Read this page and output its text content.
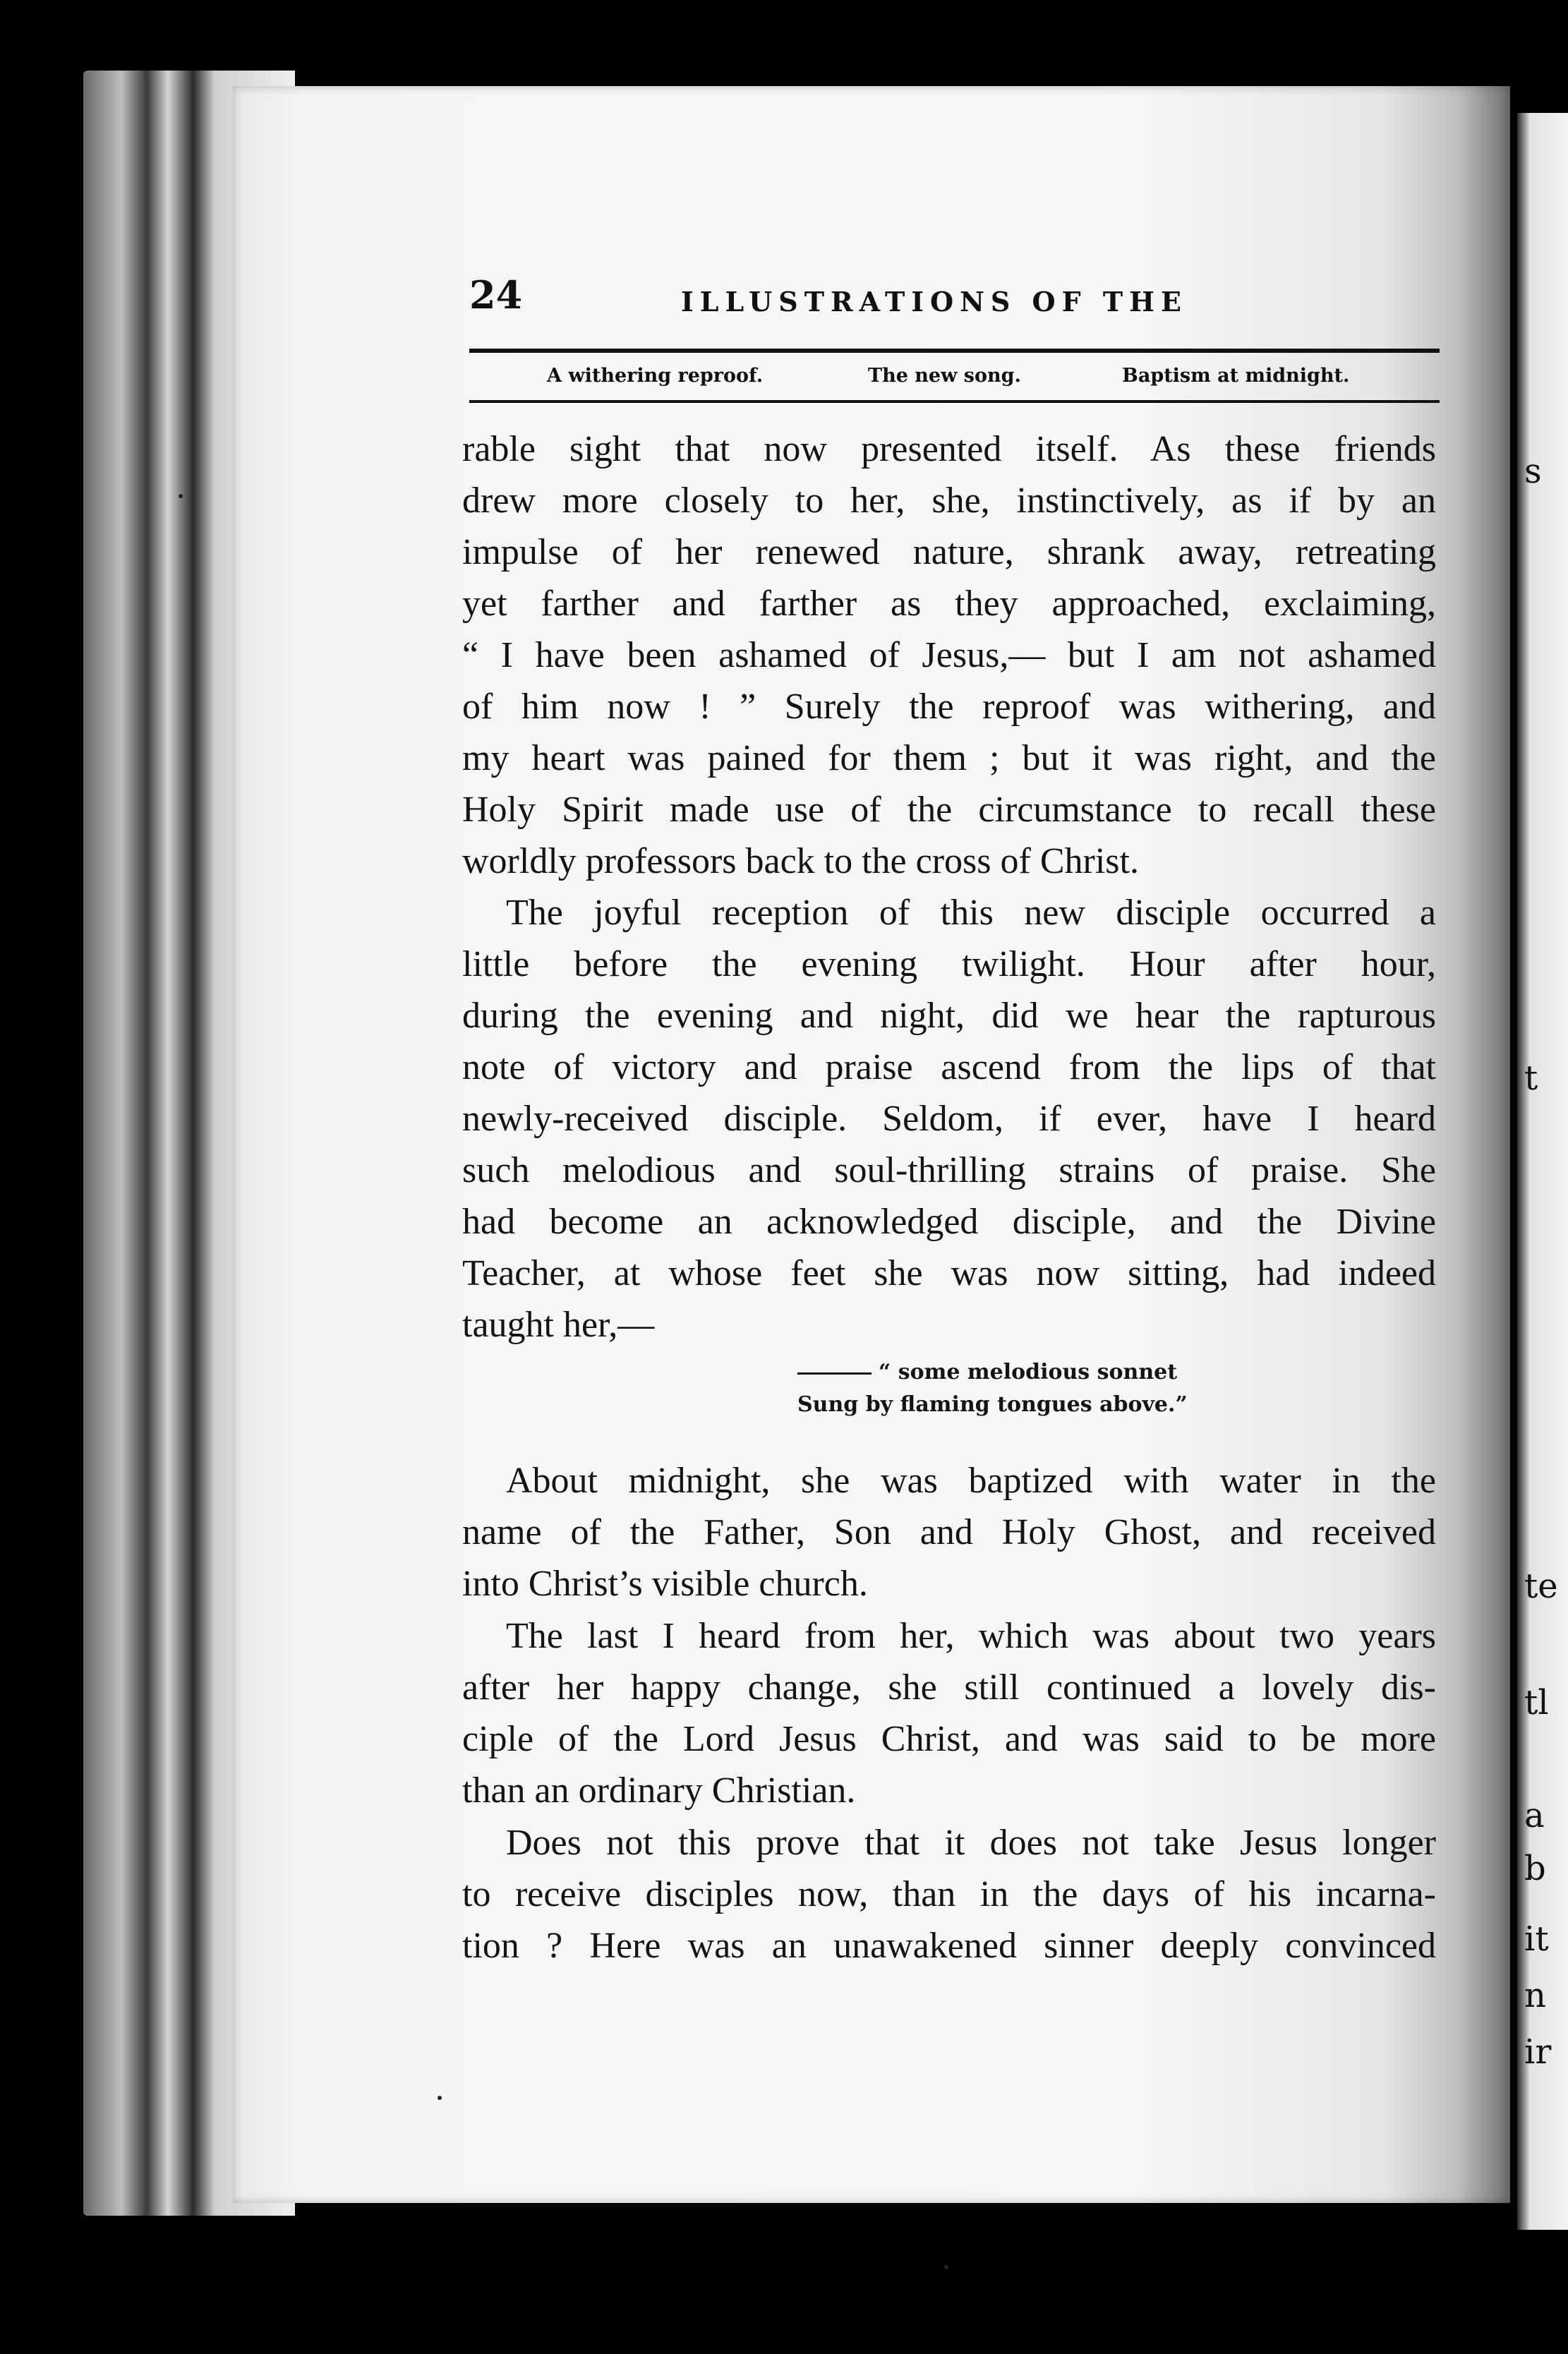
s
t
te
tl
a
b
it
n
ir
24	ILLUSTRATIONS OF THE
A withering reproof.	The new song.	Baptism at midnight.
rable sight that now presented itself. As these friends
drew more closely to her, she, instinctively, as if by an
impulse of her renewed nature, shrank away, retreating
yet farther and farther as they approached, exclaiming,
“ I have been ashamed of Jesus,— but I am not ashamed
of him now ! ” Surely the reproof was withering, and
my heart was pained for them ; but it was right, and the
Holy Spirit made use of the circumstance to recall these
worldly professors back to the cross of Christ.
The joyful reception of this new disciple occurred a
little before the evening twilight. Hour after hour,
during the evening and night, did we hear the rapturous
note of victory and praise ascend from the lips of that
newly-received disciple. Seldom, if ever, have I heard
such melodious and soul-thrilling strains of praise. She
had become an acknowledged disciple, and the Divine
Teacher, at whose feet she was now sitting, had indeed
taught her,—
“ some melodious sonnet
Sung by flaming tongues above.”
About midnight, she was baptized with water in the
name of the Father, Son and Holy Ghost, and received
into Christ’s visible church.
The last I heard from her, which was about two years
after her happy change, she still continued a lovely dis-
ciple of the Lord Jesus Christ, and was said to be more
than an ordinary Christian.
Does not this prove that it does not take Jesus longer
to receive disciples now, than in the days of his incarna-
tion ? Here was an unawakened sinner deeply convinced
